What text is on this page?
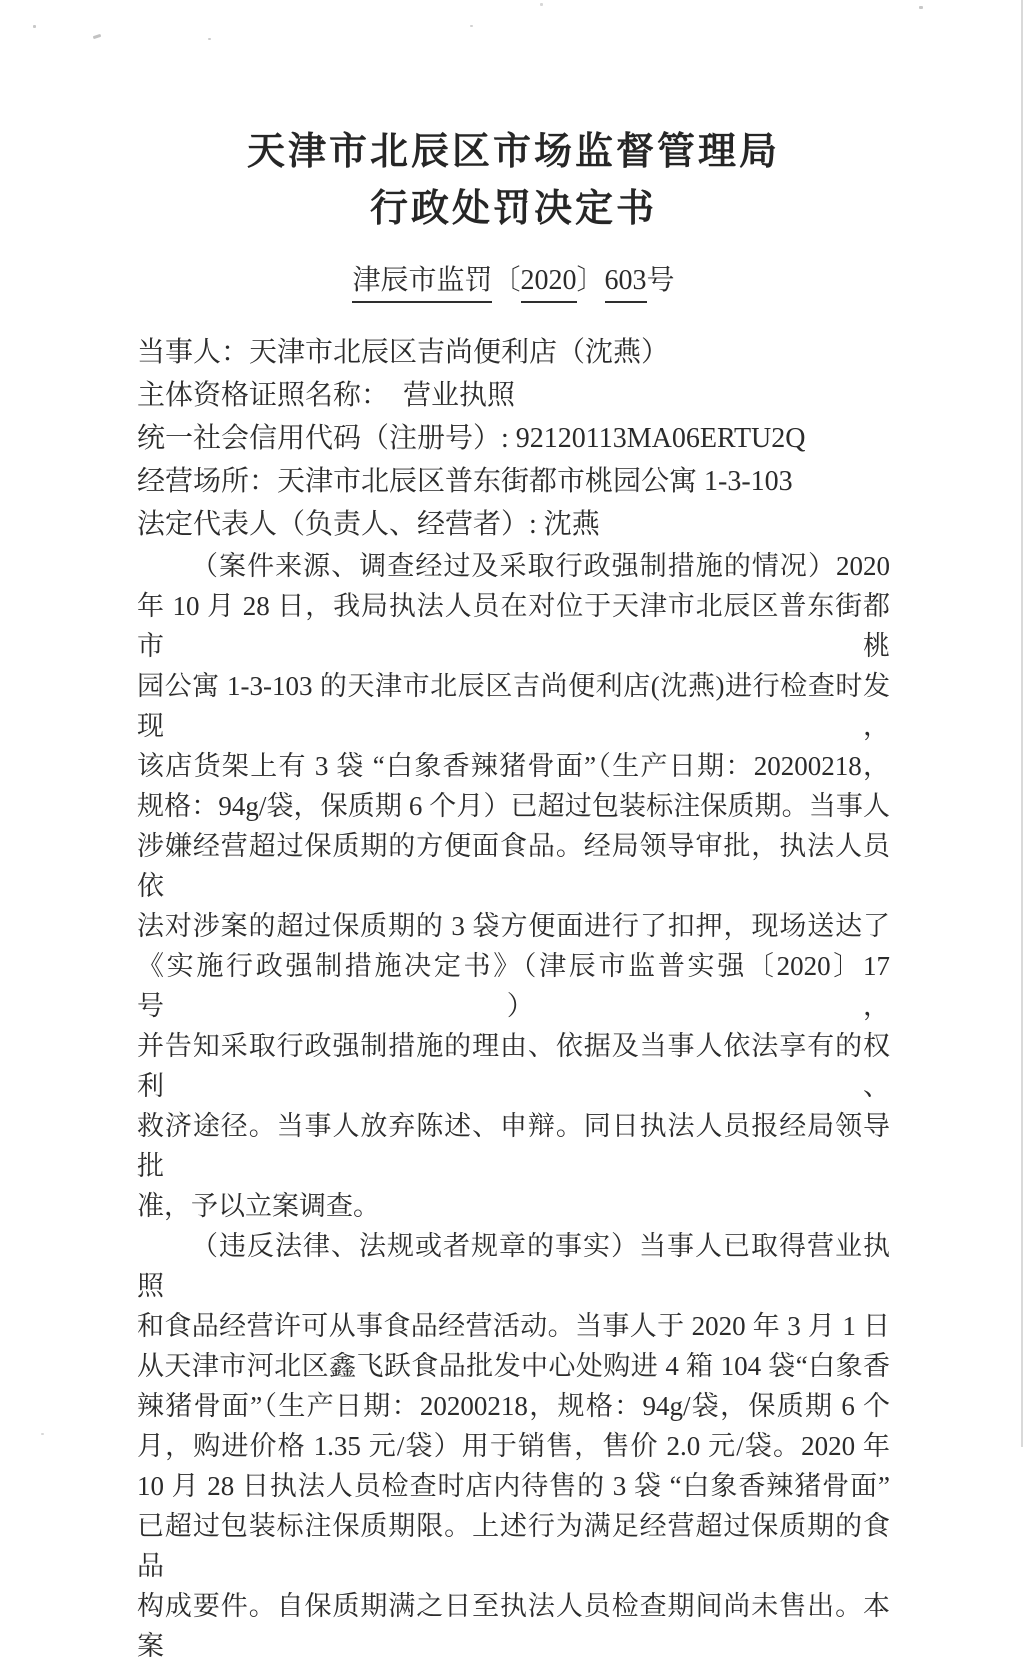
天津市北辰区市场监督管理局
行政处罚决定书
津辰市监罚〔2020〕603号
当事人：天津市北辰区吉尚便利店（沈燕）
主体资格证照名称：　营业执照
统一社会信用代码（注册号）: 92120113MA06ERTU2Q
经营场所：天津市北辰区普东街都市桃园公寓 1-3-103
法定代表人（负责人、经营者）: 沈燕
（案件来源、调查经过及采取行政强制措施的情况）2020
年 10 月 28 日，我局执法人员在对位于天津市北辰区普东街都市桃
园公寓 1-3-103 的天津市北辰区吉尚便利店(沈燕)进行检查时发现，
该店货架上有 3 袋 “白象香辣猪骨面”（生产日期：20200218，
规格：94g/袋，保质期 6 个月）已超过包装标注保质期。当事人
涉嫌经营超过保质期的方便面食品。经局领导审批，执法人员依
法对涉案的超过保质期的 3 袋方便面进行了扣押，现场送达了
《实施行政强制措施决定书》（津辰市监普实强〔2020〕17 号），
并告知采取行政强制措施的理由、依据及当事人依法享有的权利、
救济途径。当事人放弃陈述、申辩。同日执法人员报经局领导批
准，予以立案调查。
（违反法律、法规或者规章的事实）当事人已取得营业执照
和食品经营许可从事食品经营活动。当事人于 2020 年 3 月 1 日
从天津市河北区鑫飞跃食品批发中心处购进 4 箱 104 袋“白象香
辣猪骨面”（生产日期：20200218，规格：94g/袋，保质期 6 个
月，购进价格 1.35 元/袋）用于销售，售价 2.0 元/袋。2020 年
10 月 28 日执法人员检查时店内待售的 3 袋 “白象香辣猪骨面”
已超过包装标注保质期限。上述行为满足经营超过保质期的食品
构成要件。自保质期满之日至执法人员检查期间尚未售出。本案
